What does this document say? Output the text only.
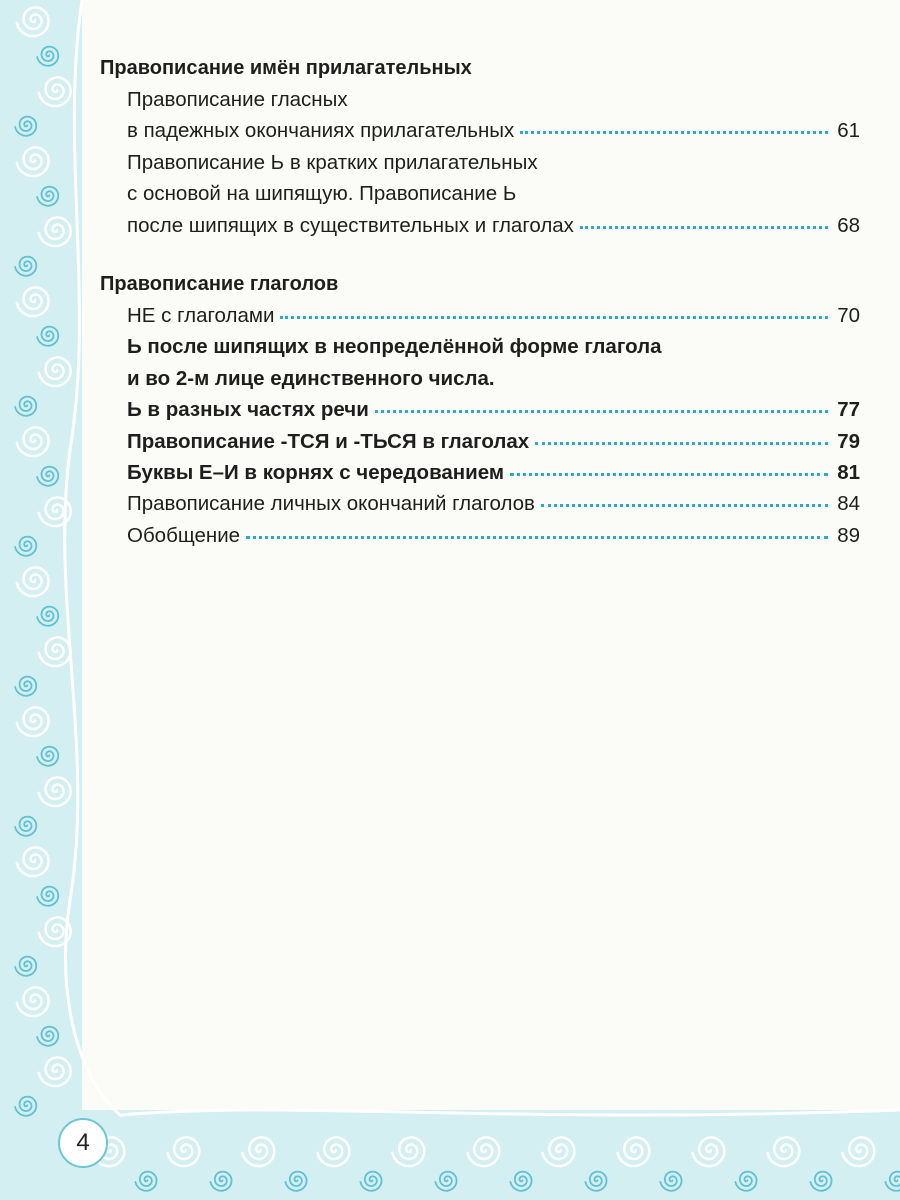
Правописание имён прилагательных
Правописание гласных
в падежных окончаниях прилагательных	61
Правописание Ь в кратких прилагательных
с основой на шипящую. Правописание Ь
после шипящих в существительных и глаголах	68
Правописание глаголов
НЕ с глаголами	70
Ь после шипящих в неопределённой форме глагола
и во 2-м лице единственного числа.
Ь в разных частях речи	77
Правописание -ТСЯ и -ТЬСЯ в глаголах	79
Буквы Е–И в корнях с чередованием	81
Правописание личных окончаний глаголов	84
Обобщение	89
4
